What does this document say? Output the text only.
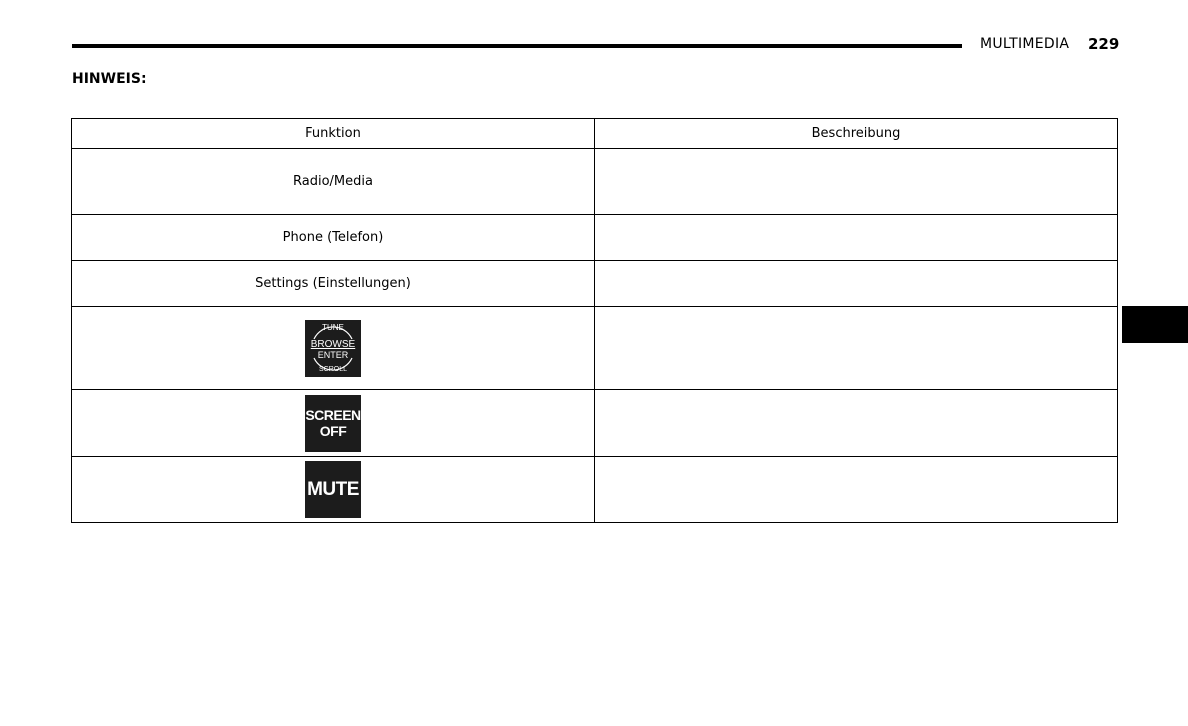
MULTIMEDIA 229
HINWEIS:
Funktion	Beschreibung
Radio/Media	
Phone (Telefon)	
Settings (Einstellungen)	

TUNE
BROWSE
ENTER
SCROLL	

SCREEN
OFF	

MUTE	
